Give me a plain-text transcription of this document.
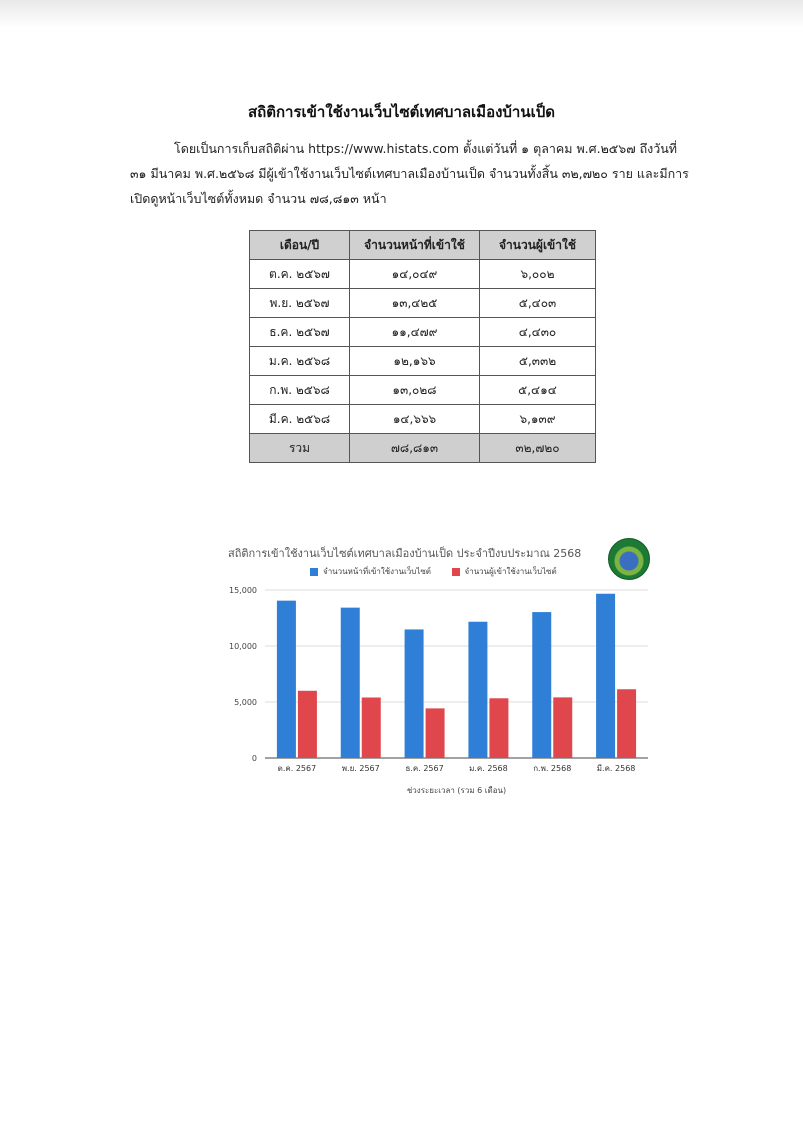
สถิติการเข้าใช้งานเว็บไซต์เทศบาลเมืองบ้านเป็ด
โดยเป็นการเก็บสถิติผ่าน https://www.histats.com ตั้งแต่วันที่ ๑ ตุลาคม พ.ศ.๒๕๖๗ ถึงวันที่
๓๑ มีนาคม พ.ศ.๒๕๖๘ มีผู้เข้าใช้งานเว็บไซต์เทศบาลเมืองบ้านเป็ด จำนวนทั้งสิ้น ๓๒,๗๒๐ ราย และมีการ
เปิดดูหน้าเว็บไซต์ทั้งหมด จำนวน ๗๘,๘๑๓ หน้า
เดือน/ปี	จำนวนหน้าที่เข้าใช้	จำนวนผู้เข้าใช้
ต.ค. ๒๕๖๗	๑๔,๐๔๙	๖,๐๐๒
พ.ย. ๒๕๖๗	๑๓,๔๒๕	๕,๔๐๓
ธ.ค. ๒๕๖๗	๑๑,๔๗๙	๔,๔๓๐
ม.ค. ๒๕๖๘	๑๒,๑๖๖	๕,๓๓๒
ก.พ. ๒๕๖๘	๑๓,๐๒๘	๕,๔๑๔
มี.ค. ๒๕๖๘	๑๔,๖๖๖	๖,๑๓๙
รวม	๗๘,๘๑๓	๓๒,๗๒๐
สถิติการเข้าใช้งานเว็บไซต์เทศบาลเมืองบ้านเป็ด ประจำปีงบประมาณ 2568
จำนวนหน้าที่เข้าใช้งานเว็บไซต์
	จำนวนผู้เข้าใช้งานเว็บไซต์
0
5,000
10,000
15,000
ต.ค. 2567	พ.ย. 2567	ธ.ค. 2567	ม.ค. 2568	ก.พ. 2568	มี.ค. 2568
ช่วงระยะเวลา (รวม 6 เดือน)
